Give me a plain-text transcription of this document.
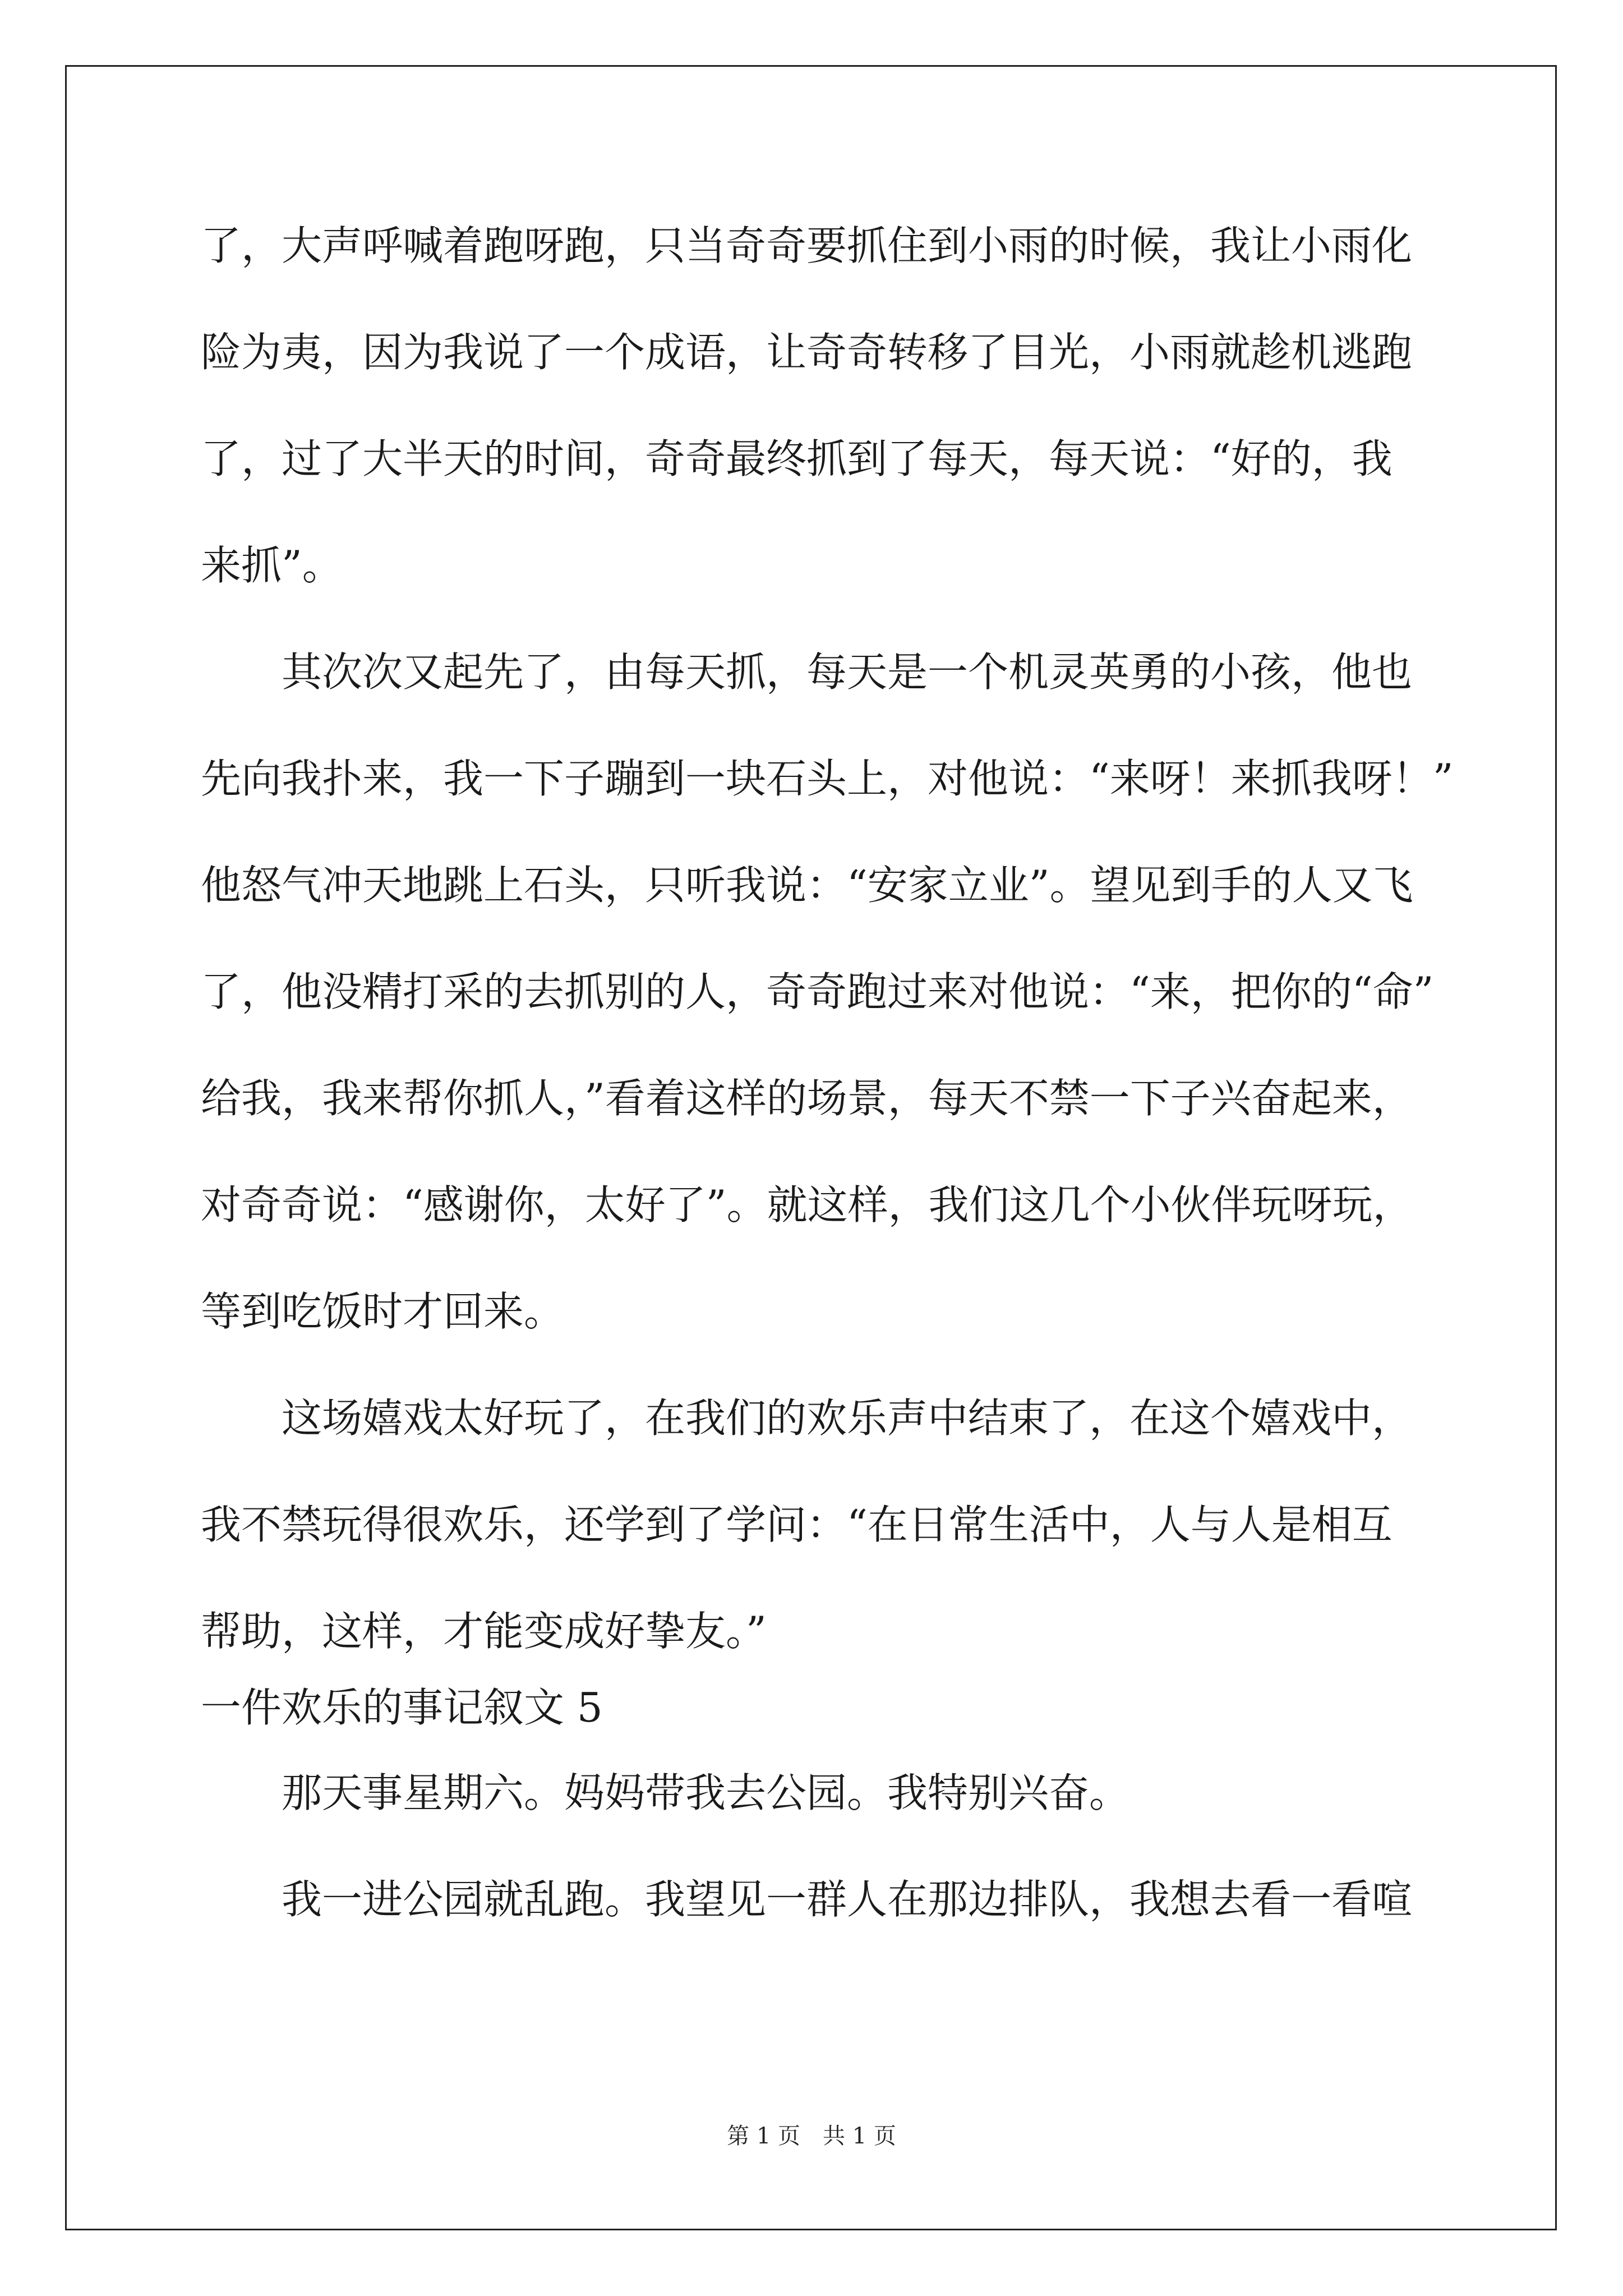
了，大声呼喊着跑呀跑，只当奇奇要抓住到小雨的时候，我让小雨化
险为夷，因为我说了一个成语，让奇奇转移了目光，小雨就趁机逃跑
了，过了大半天的时间，奇奇最终抓到了每天，每天说：“好的，我
来抓”。
其次次又起先了，由每天抓，每天是一个机灵英勇的小孩，他也
先向我扑来，我一下子蹦到一块石头上，对他说：“来呀！来抓我呀！”
他怒气冲天地跳上石头，只听我说：“安家立业”。望见到手的人又飞
了，他没精打采的去抓别的人，奇奇跑过来对他说：“来，把你的“命”
给我，我来帮你抓人，”看着这样的场景，每天不禁一下子兴奋起来，
对奇奇说：“感谢你，太好了”。就这样，我们这几个小伙伴玩呀玩，
等到吃饭时才回来。
这场嬉戏太好玩了，在我们的欢乐声中结束了，在这个嬉戏中，
我不禁玩得很欢乐，还学到了学问：“在日常生活中，人与人是相互
帮助，这样，才能变成好挚友。”
一件欢乐的事记叙文 5
那天事星期六。妈妈带我去公园。我特别兴奋。
我一进公园就乱跑。我望见一群人在那边排队，我想去看一看喧
第 1 页 共 1 页
